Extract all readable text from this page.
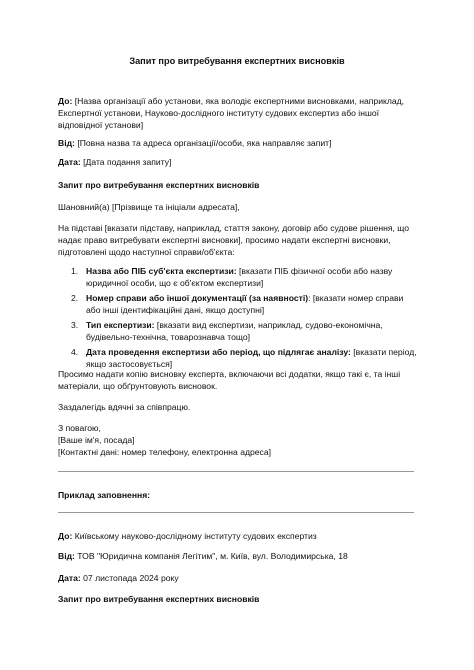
Запит про витребування експертних висновків

До: [Назва організації або установи, яка володіє експертними висновками, наприклад, Експертної установи, Науково-дослідного інституту судових експертиз або іншої відповідної установи]

Від: [Повна назва та адреса організації/особи, яка направляє запит]

Дата: [Дата подання запиту]

Запит про витребування експертних висновків

Шановний(а) [Прізвище та ініціали адресата],

На підставі [вказати підставу, наприклад, стаття закону, договір або судове рішення, що надає право витребувати експертні висновки], просимо надати експертні висновки, підготовлені щодо наступної справи/об'єкта:

1. Назва або ПІБ суб'єкта експертизи: [вказати ПІБ фізичної особи або назву юридичної особи, що є об'єктом експертизи]
2. Номер справи або іншої документації (за наявності): [вказати номер справи або інші ідентифікаційні дані, якщо доступні]
3. Тип експертизи: [вказати вид експертизи, наприклад, судово-економічна, будівельно-технічна, товарознавча тощо]
4. Дата проведення експертизи або період, що підлягає аналізу: [вказати період, якщо застосовується]

Просимо надати копію висновку експерта, включаючи всі додатки, якщо такі є, та інші матеріали, що обґрунтовують висновок.

Заздалегідь вдячні за співпрацю.

З повагою,

[Ваше ім'я, посада]

[Контактні дані: номер телефону, електронна адреса]

Приклад заповнення:

До: Київському науково-дослідному інституту судових експертиз

Від: ТОВ "Юридична компанія Легітим", м. Київ, вул. Володимирська, 18

Дата: 07 листопада 2024 року

Запит про витребування експертних висновків
